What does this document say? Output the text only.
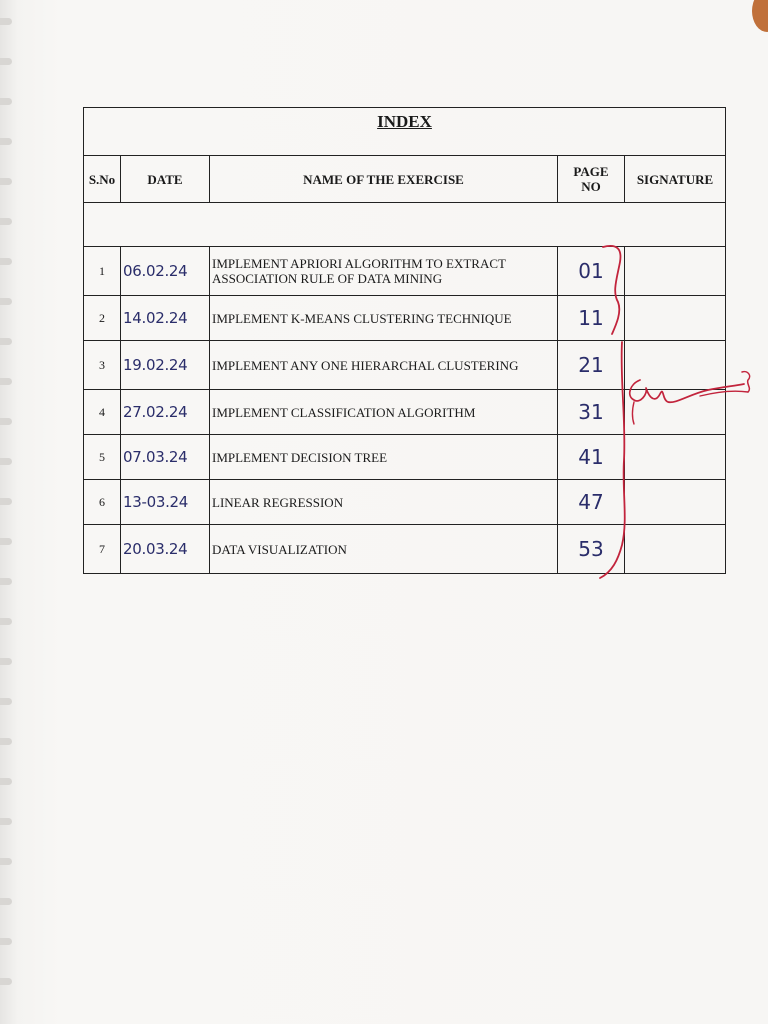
INDEX				
S.No	DATE	NAME OF THE EXERCISE	PAGE NO	SIGNATURE

1	06.02.24	IMPLEMENT APRIORI ALGORITHM TO EXTRACT ASSOCIATION RULE OF DATA MINING	01	
2	14.02.24	IMPLEMENT K-MEANS CLUSTERING TECHNIQUE	11	
3	19.02.24	IMPLEMENT ANY ONE HIERARCHAL CLUSTERING	21	
4	27.02.24	IMPLEMENT CLASSIFICATION ALGORITHM	31	
5	07.03.24	IMPLEMENT DECISION TREE	41	
6	13-03.24	LINEAR REGRESSION	47	
7	20.03.24	DATA VISUALIZATION	53	
